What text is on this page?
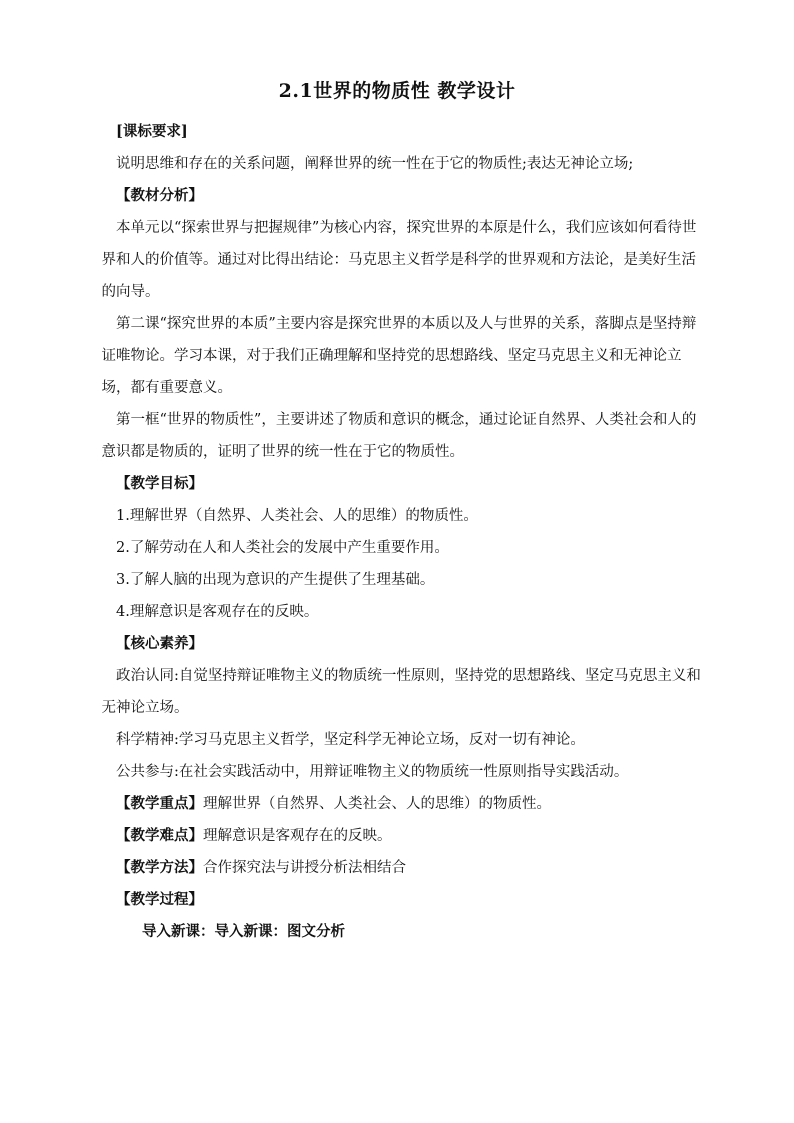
2.1世界的物质性 教学设计

[课标要求]

说明思维和存在的关系问题，阐释世界的统一性在于它的物质性;表达无神论立场;

【教材分析】

本单元以“探索世界与把握规律”为核心内容，探究世界的本原是什么，我们应该如何看待世界和人的价值等。通过对比得出结论：马克思主义哲学是科学的世界观和方法论，是美好生活的向导。

第二课“探究世界的本质”主要内容是探究世界的本质以及人与世界的关系，落脚点是坚持辩证唯物论。学习本课，对于我们正确理解和坚持党的思想路线、坚定马克思主义和无神论立场，都有重要意义。

第一框“世界的物质性”，主要讲述了物质和意识的概念，通过论证自然界、人类社会和人的意识都是物质的，证明了世界的统一性在于它的物质性。

【教学目标】

1.理解世界（自然界、人类社会、人的思维）的物质性。

2.了解劳动在人和人类社会的发展中产生重要作用。

3.了解人脑的出现为意识的产生提供了生理基础。

4.理解意识是客观存在的反映。

【核心素养】

政治认同:自觉坚持辩证唯物主义的物质统一性原则，坚持党的思想路线、坚定马克思主义和无神论立场。

科学精神:学习马克思主义哲学，坚定科学无神论立场，反对一切有神论。

公共参与:在社会实践活动中，用辩证唯物主义的物质统一性原则指导实践活动。

【教学重点】理解世界（自然界、人类社会、人的思维）的物质性。

【教学难点】理解意识是客观存在的反映。

【教学方法】合作探究法与讲授分析法相结合

【教学过程】

导入新课：导入新课：图文分析
